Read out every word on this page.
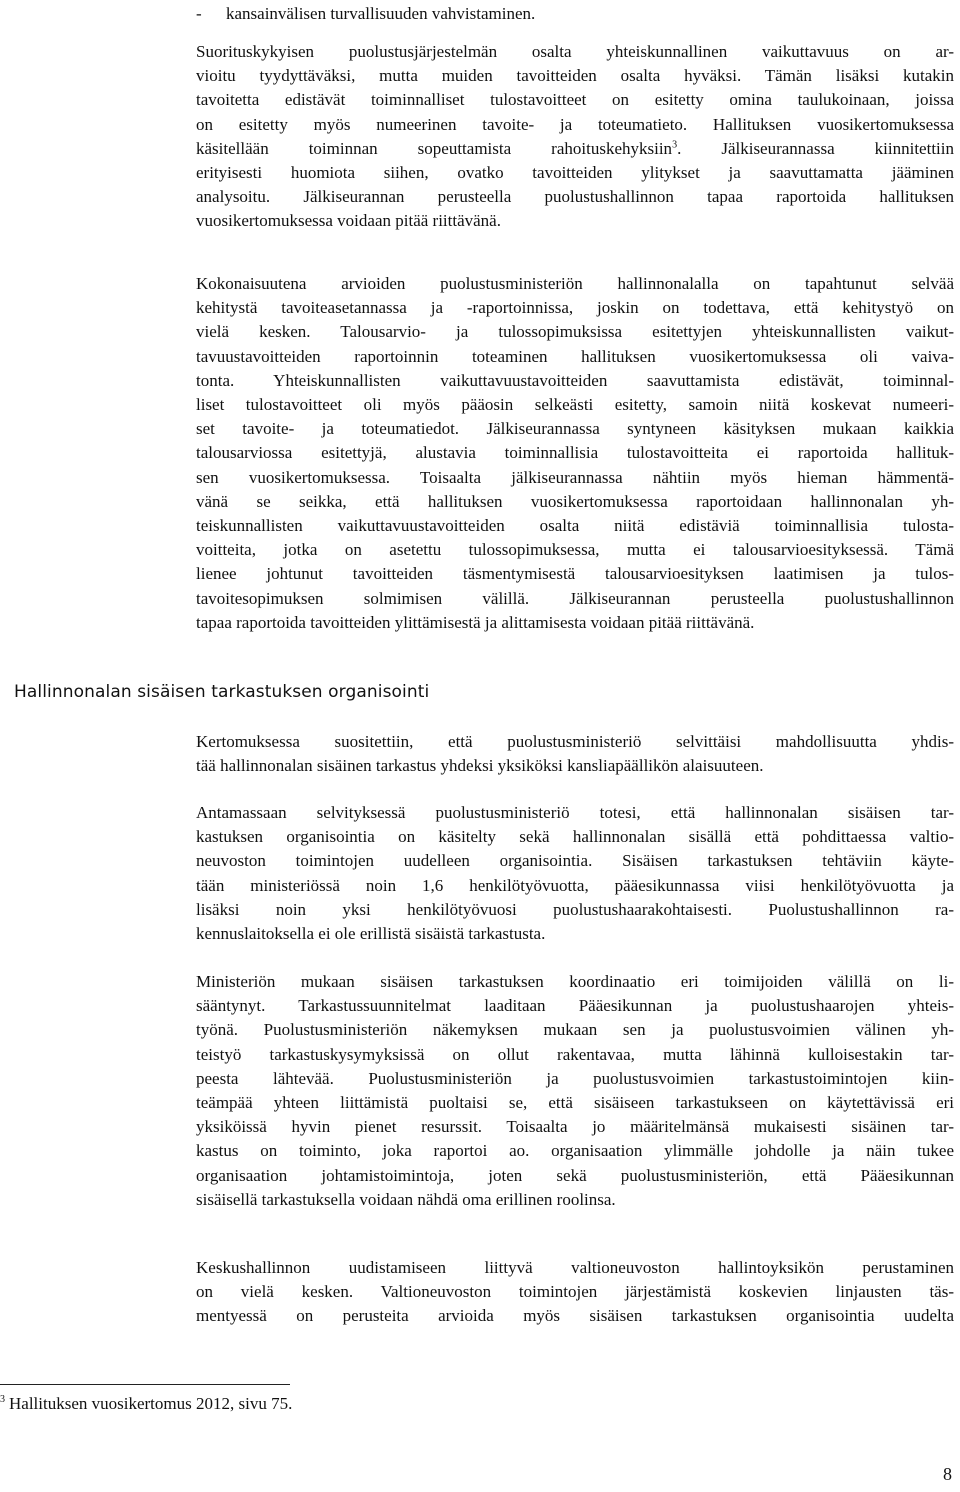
- kansainvälisen turvallisuuden vahvistaminen.
Suorituskykyisen puolustusjärjestelmän osalta yhteiskunnallinen vaikuttavuus on ar-
vioitu tyydyttäväksi, mutta muiden tavoitteiden osalta hyväksi. Tämän lisäksi kutakin
tavoitetta edistävät toiminnalliset tulostavoitteet on esitetty omina taulukoinaan, joissa
on esitetty myös numeerinen tavoite- ja toteumatieto. Hallituksen vuosikertomuksessa
käsitellään toiminnan sopeuttamista rahoituskehyksiin$^3$. Jälkiseurannassa kiinnitettiin
erityisesti huomiota siihen, ovatko tavoitteiden ylitykset ja saavuttamatta jääminen
analysoitu. Jälkiseurannan perusteella puolustushallinnon tapaa raportoida hallituksen
vuosikertomuksessa voidaan pitää riittävänä.
Kokonaisuutena arvioiden puolustusministeriön hallinnonalalla on tapahtunut selvää
kehitystä tavoiteasetannassa ja -raportoinnissa, joskin on todettava, että kehitystyö on
vielä kesken. Talousarvio- ja tulossopimuksissa esitettyjen yhteiskunnallisten vaikut-
tavuustavoitteiden raportoinnin toteaminen hallituksen vuosikertomuksessa oli vaiva-
tonta. Yhteiskunnallisten vaikuttavuustavoitteiden saavuttamista edistävät, toiminnal-
liset tulostavoitteet oli myös pääosin selkeästi esitetty, samoin niitä koskevat numeeri-
set tavoite- ja toteumatiedot. Jälkiseurannassa syntyneen käsityksen mukaan kaikkia
talousarviossa esitettyjä, alustavia toiminnallisia tulostavoitteita ei raportoida hallituk-
sen vuosikertomuksessa. Toisaalta jälkiseurannassa nähtiin myös hieman hämmentä-
vänä se seikka, että hallituksen vuosikertomuksessa raportoidaan hallinnonalan yh-
teiskunnallisten vaikuttavuustavoitteiden osalta niitä edistäviä toiminnallisia tulosta-
voitteita, jotka on asetettu tulossopimuksessa, mutta ei talousarvioesityksessä. Tämä
lienee johtunut tavoitteiden täsmentymisestä talousarvioesityksen laatimisen ja tulos-
tavoitesopimuksen solmimisen välillä. Jälkiseurannan perusteella puolustushallinnon
tapaa raportoida tavoitteiden ylittämisestä ja alittamisesta voidaan pitää riittävänä.
Hallinnonalan sisäisen tarkastuksen organisointi
Kertomuksessa suositettiin, että puolustusministeriö selvittäisi mahdollisuutta yhdis-
tää hallinnonalan sisäinen tarkastus yhdeksi yksiköksi kansliapäällikön alaisuuteen.
Antamassaan selvityksessä puolustusministeriö totesi, että hallinnonalan sisäisen tar-
kastuksen organisointia on käsitelty sekä hallinnonalan sisällä että pohdittaessa valtio-
neuvoston toimintojen uudelleen organisointia. Sisäisen tarkastuksen tehtäviin käyte-
tään ministeriössä noin 1,6 henkilötyövuotta, pääesikunnassa viisi henkilötyövuotta ja
lisäksi noin yksi henkilötyövuosi puolustushaarakohtaisesti. Puolustushallinnon ra-
kennuslaitoksella ei ole erillistä sisäistä tarkastusta.
Ministeriön mukaan sisäisen tarkastuksen koordinaatio eri toimijoiden välillä on li-
sääntynyt. Tarkastussuunnitelmat laaditaan Pääesikunnan ja puolustushaarojen yhteis-
työnä. Puolustusministeriön näkemyksen mukaan sen ja puolustusvoimien välinen yh-
teistyö tarkastuskysymyksissä on ollut rakentavaa, mutta lähinnä kulloisestakin tar-
peesta lähtevää. Puolustusministeriön ja puolustusvoimien tarkastustoimintojen kiin-
teämpää yhteen liittämistä puoltaisi se, että sisäiseen tarkastukseen on käytettävissä eri
yksiköissä hyvin pienet resurssit. Toisaalta jo määritelmänsä mukaisesti sisäinen tar-
kastus on toiminto, joka raportoi ao. organisaation ylimmälle johdolle ja näin tukee
organisaation johtamistoimintoja, joten sekä puolustusministeriön, että Pääesikunnan
sisäisellä tarkastuksella voidaan nähdä oma erillinen roolinsa.
Keskushallinnon uudistamiseen liittyvä valtioneuvoston hallintoyksikön perustaminen
on vielä kesken. Valtioneuvoston toimintojen järjestämistä koskevien linjausten täs-
mentyessä on perusteita arvioida myös sisäisen tarkastuksen organisointia uudelta
$^3$ Hallituksen vuosikertomus 2012, sivu 75.
8
